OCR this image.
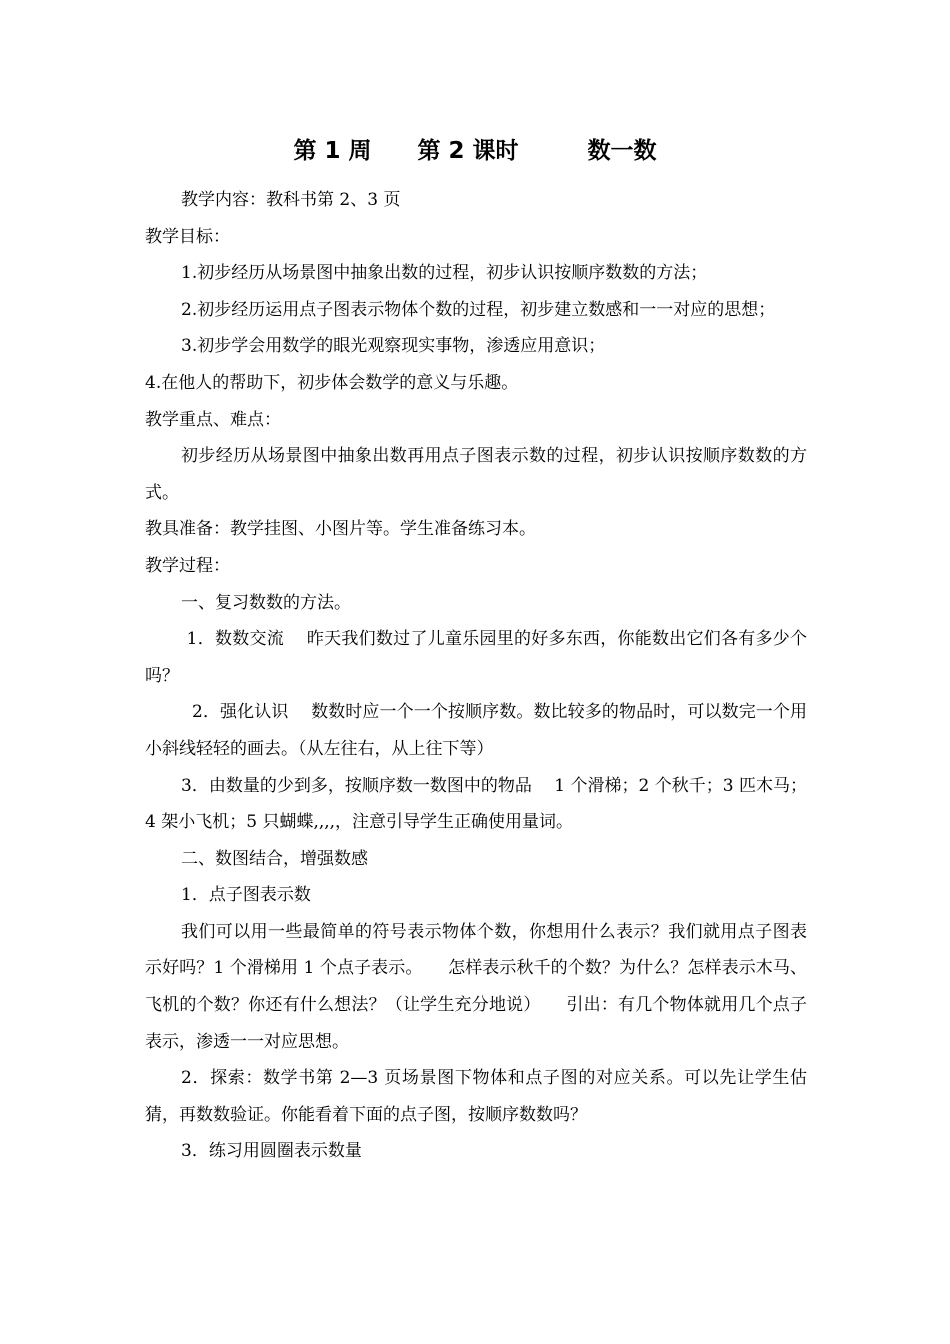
第 1 周　　第 2 课时　　　数一数

教学内容：教科书第 2、3 页

教学目标：

1.初步经历从场景图中抽象出数的过程，初步认识按顺序数数的方法；

2.初步经历运用点子图表示物体个数的过程，初步建立数感和一一对应的思想；

3.初步学会用数学的眼光观察现实事物，渗透应用意识；

4.在他人的帮助下，初步体会数学的意义与乐趣。

教学重点、难点：

初步经历从场景图中抽象出数再用点子图表示数的过程，初步认识按顺序数数的方式。

教具准备：教学挂图、小图片等。学生准备练习本。

教学过程：

一、复习数数的方法。

1．数数交流　 昨天我们数过了儿童乐园里的好多东西，你能数出它们各有多少个吗？

2．强化认识　 数数时应一个一个按顺序数。数比较多的物品时，可以数完一个用小斜线轻轻的画去。（从左往右，从上往下等）

3．由数量的少到多，按顺序数一数图中的物品　 1 个滑梯；2 个秋千；3 匹木马；4 架小飞机；5 只蝴蝶,,,,，注意引导学生正确使用量词。

二、数图结合，增强数感

1．点子图表示数

我们可以用一些最简单的符号表示物体个数，你想用什么表示？我们就用点子图表示好吗？1 个滑梯用 1 个点子表示。　　怎样表示秋千的个数？为什么？怎样表示木马、飞机的个数？你还有什么想法？（让学生充分地说）　　引出：有几个物体就用几个点子表示，渗透一一对应思想。

2．探索：数学书第 2—3 页场景图下物体和点子图的对应关系。可以先让学生估猜，再数数验证。你能看着下面的点子图，按顺序数数吗？

3．练习用圆圈表示数量
